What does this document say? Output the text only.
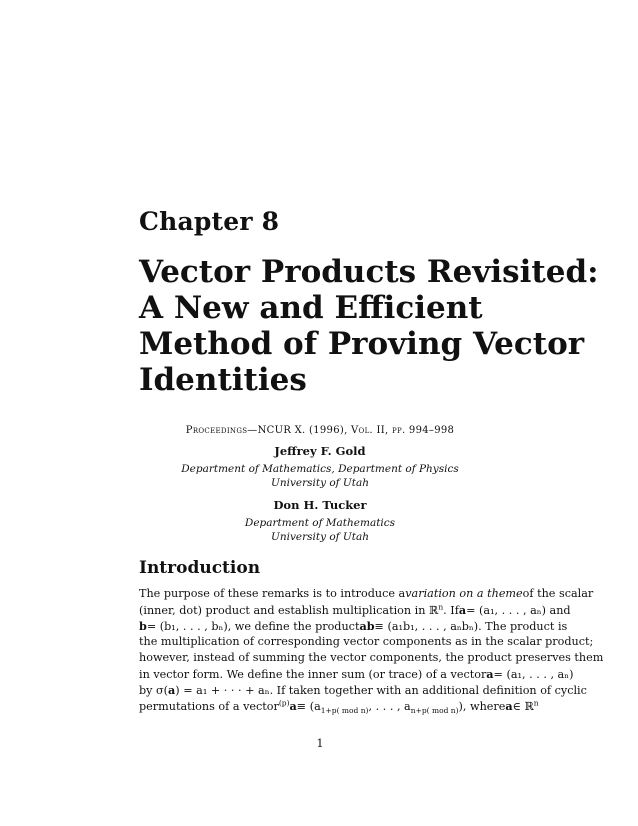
Chapter 8
Vector Products Revisited:
A New and Efficient
Method of Proving Vector
Identities
Proceedings—NCUR X. (1996), Vol. II, pp. 994–998
Jeffrey F. Gold
Department of Mathematics, Department of Physics
University of Utah
Don H. Tucker
Department of Mathematics
University of Utah
Introduction
The purpose of these remarks is to introduce avariation on a themeof the scalar
(inner, dot) product and establish multiplication in ℝ$^n$. Ifa= (a₁, . . . , aₙ) and
b= (b₁, . . . , bₙ), we define the productab≡ (a₁b₁, . . . , aₙbₙ). The product is
the multiplication of corresponding vector components as in the scalar product;
however, instead of summing the vector components, the product preserves them
in vector form. We define the inner sum (or trace) of a vectora= (a₁, . . . , aₙ)
by σ(a) = a₁ + · · · + aₙ. If taken together with an additional definition of cyclic
permutations of a vector$^{(p)}$a≡ ($a_{1+p( mod n)}$, . . . , $a_{n+p( mod n)}$), wherea∈ ℝ$^n$
1
